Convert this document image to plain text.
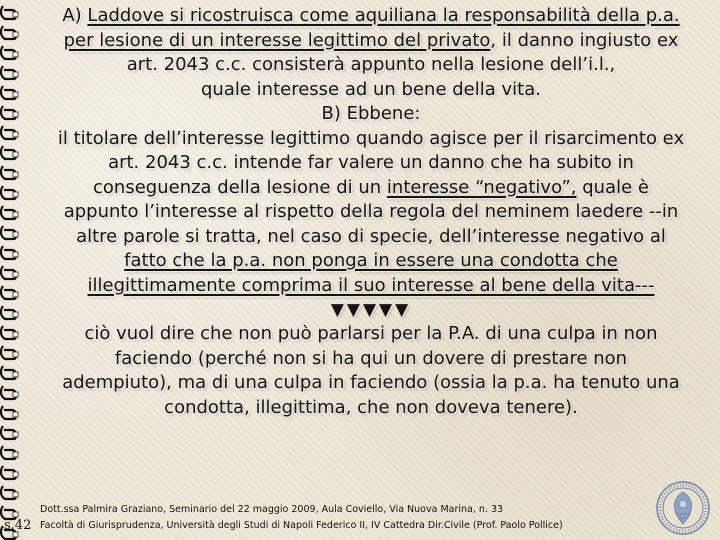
A) Laddove si ricostruisca come aquiliana la responsabilità della p.a.

per lesione di un interesse legittimo del privato, il danno ingiusto ex

art. 2043 c.c. consisterà appunto nella lesione dell’i.l.,

quale interesse ad un bene della vita.

B) Ebbene:

il titolare dell’interesse legittimo quando agisce per il risarcimento ex

art. 2043 c.c. intende far valere un danno che ha subito in

conseguenza della lesione di un interesse “negativo”, quale è

appunto l’interesse al rispetto della regola del neminem laedere --in

altre parole si tratta, nel caso di specie, dell’interesse negativo al

fatto che la p.a. non ponga in essere una condotta che

illegittimamente comprima il suo interesse al bene della vita---

▼▼▼▼▼

ciò vuol dire che non può parlarsi per la P.A. di una culpa in non

faciendo (perché non si ha qui un dovere di prestare non

adempiuto), ma di una culpa in faciendo (ossia la p.a. ha tenuto una

condotta, illegittima, che non doveva tenere).

s.42
Dott.ssa Palmira Graziano, Seminario del 22 maggio 2009, Aula Coviello, Via Nuova Marina, n. 33
Facoltà di Giurisprudenza, Università degli Studi di Napoli Federico II, IV Cattedra Dir.Civile (Prof. Paolo Pollice)
